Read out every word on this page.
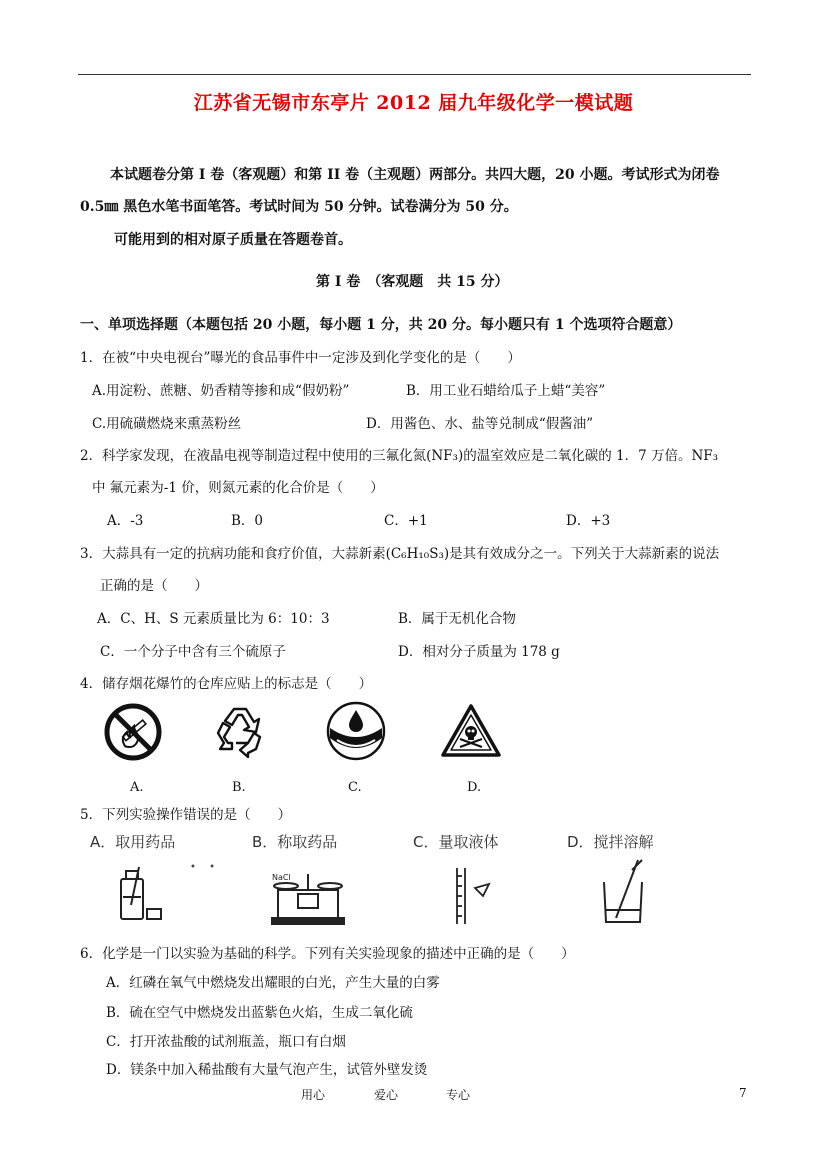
江苏省无锡市东亭片 2012 届九年级化学一模试题
本试题卷分第 I 卷（客观题）和第 II 卷（主观题）两部分。共四大题，20 小题。考试形式为闭卷
0.5㎜ 黑色水笔书面笔答。考试时间为 50 分钟。试卷满分为 50 分。
可能用到的相对原子质量在答题卷首。
第 I 卷　（客观题　共 15 分）
一、单项选择题（本题包括 20 小题，每小题 1 分，共 20 分。每小题只有 1 个选项符合题意）
1．在被“中央电视台”曝光的食品事件中一定涉及到化学变化的是（　　）
A.用淀粉、蔗糖、奶香精等掺和成“假奶粉”	B．用工业石蜡给瓜子上蜡“美容”
C.用硫磺燃烧来熏蒸粉丝	D．用酱色、水、盐等兑制成“假酱油”
2．科学家发现，在液晶电视等制造过程中使用的三氟化氮(NF₃)的温室效应是二氧化碳的 1．7 万倍。NF₃
中 氟元素为-1 价，则氮元素的化合价是（　　）
A．-3	B．0	C．+1	D．+3
3．大蒜具有一定的抗病功能和食疗价值，大蒜新素(C₆H₁₀S₃)是其有效成分之一。下列关于大蒜新素的说法
正确的是（　　）
A．C、H、S 元素质量比为 6：10：3	B．属于无机化合物
C．一个分子中含有三个硫原子	D．相对分子质量为 178 g
4．储存烟花爆竹的仓库应贴上的标志是（　　）
A.	B.	C.	D.
5．下列实验操作错误的是（　　）
A．取用药品	B．称取药品	C．量取液体	D．搅拌溶解
•　 •
NaCl
6．化学是一门以实验为基础的科学。下列有关实验现象的描述中正确的是（　　）
A．红磷在氧气中燃烧发出耀眼的白光，产生大量的白雾
B．硫在空气中燃烧发出蓝紫色火焰，生成二氧化硫
C．打开浓盐酸的试剂瓶盖，瓶口有白烟
D．镁条中加入稀盐酸有大量气泡产生，试管外壁发烫
用心	爱心	专心	7
